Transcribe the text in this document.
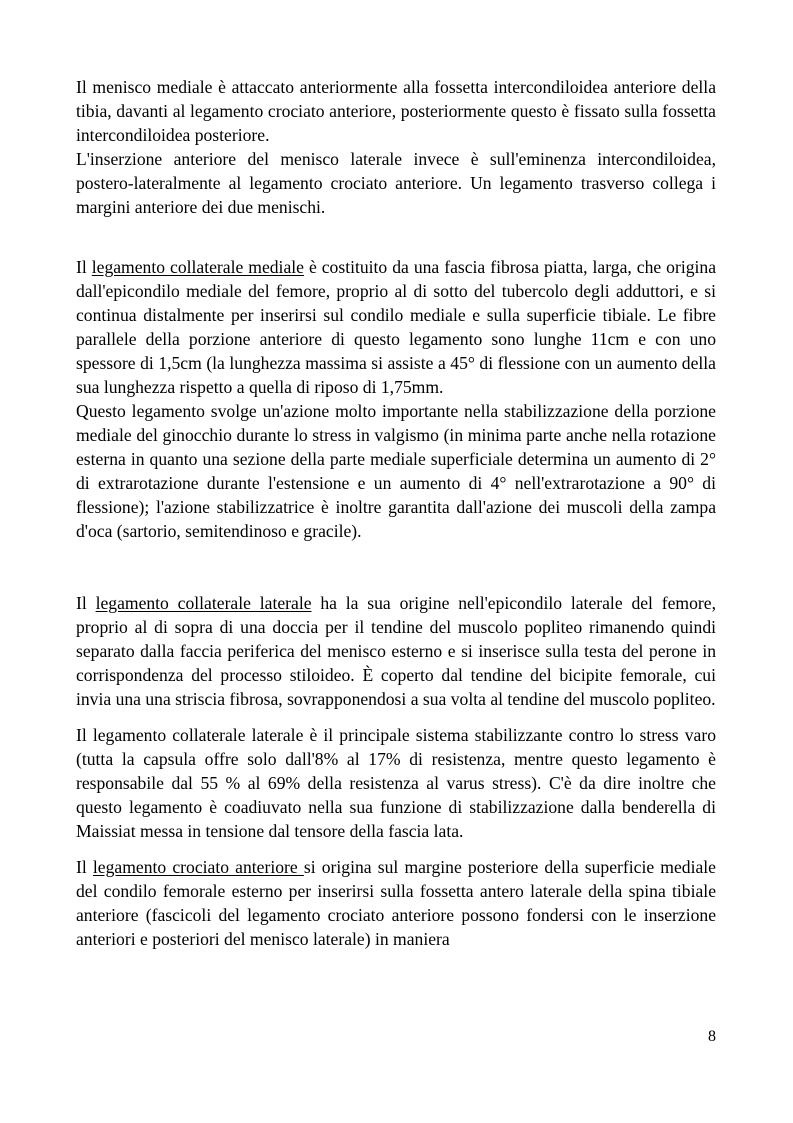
Il menisco mediale è attaccato anteriormente alla fossetta intercondiloidea anteriore della tibia, davanti al legamento crociato anteriore, posteriormente questo è fissato sulla fossetta intercondiloidea posteriore.

L'inserzione anteriore del menisco laterale invece è sull'eminenza intercondiloidea, postero-lateralmente al legamento crociato anteriore. Un legamento trasverso collega i margini anteriore dei due menischi.

Il legamento collaterale mediale è costituito da una fascia fibrosa piatta, larga, che origina dall'epicondilo mediale del femore, proprio al di sotto del tubercolo degli adduttori, e si continua distalmente per inserirsi sul condilo mediale e sulla superficie tibiale. Le fibre parallele della porzione anteriore di questo legamento sono lunghe 11cm e con uno spessore di 1,5cm (la lunghezza massima si assiste a 45° di flessione con un aumento della sua lunghezza rispetto a quella di riposo di 1,75mm.

Questo legamento svolge un'azione molto importante nella stabilizzazione della porzione mediale del ginocchio durante lo stress in valgismo (in minima parte anche nella rotazione esterna in quanto una sezione della parte mediale superficiale determina un aumento di 2° di extrarotazione durante l'estensione e un aumento di 4° nell'extrarotazione a 90° di flessione); l'azione stabilizzatrice è inoltre garantita dall'azione dei muscoli della zampa d'oca (sartorio, semitendinoso e gracile).

Il legamento collaterale laterale ha la sua origine nell'epicondilo laterale del femore, proprio al di sopra di una doccia per il tendine del muscolo popliteo rimanendo quindi separato dalla faccia periferica del menisco esterno e si inserisce sulla testa del perone in corrispondenza del processo stiloideo. È coperto dal tendine del bicipite femorale, cui invia una una striscia fibrosa, sovrapponendosi a sua volta al tendine del muscolo popliteo.

Il legamento collaterale laterale è il principale sistema stabilizzante contro lo stress varo (tutta la capsula offre solo dall'8% al 17% di resistenza, mentre questo legamento è responsabile dal 55 % al 69% della resistenza al varus stress). C'è da dire inoltre che questo legamento è coadiuvato nella sua funzione di stabilizzazione dalla benderella di Maissiat messa in tensione dal tensore della fascia lata.

Il legamento crociato anteriore si origina sul margine posteriore della superficie mediale del condilo femorale esterno per inserirsi sulla fossetta antero laterale della spina tibiale anteriore (fascicoli del legamento crociato anteriore possono fondersi con le inserzione anteriori e posteriori del menisco laterale) in maniera

8
